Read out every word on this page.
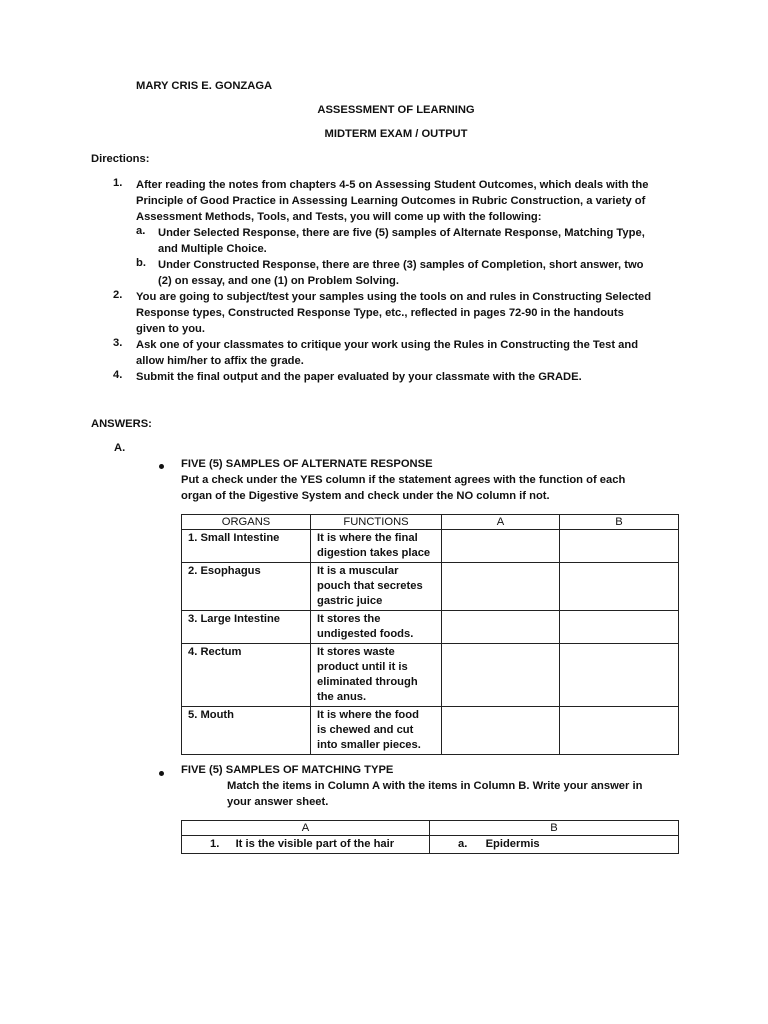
MARY CRIS E. GONZAGA
ASSESSMENT OF LEARNING
MIDTERM EXAM / OUTPUT
Directions:
1. After reading the notes from chapters 4-5 on Assessing Student Outcomes, which deals with the
Principle of Good Practice in Assessing Learning Outcomes in Rubric Construction, a variety of
Assessment Methods, Tools, and Tests, you will come up with the following:
a. Under Selected Response, there are five (5) samples of Alternate Response, Matching Type,
and Multiple Choice.
b. Under Constructed Response, there are three (3) samples of Completion, short answer, two
(2) on essay, and one (1) on Problem Solving.
2. You are going to subject/test your samples using the tools on and rules in Constructing Selected
Response types, Constructed Response Type, etc., reflected in pages 72-90 in the handouts
given to you.
3. Ask one of your classmates to critique your work using the Rules in Constructing the Test and
allow him/her to affix the grade.
4. Submit the final output and the paper evaluated by your classmate with the GRADE.
ANSWERS:
A.
FIVE (5) SAMPLES OF ALTERNATE RESPONSE
Put a check under the YES column if the statement agrees with the function of each
organ of the Digestive System and check under the NO column if not.
ORGANS	FUNCTIONS	A	B
1. Small Intestine	It is where the final
digestion takes place		

2. Esophagus	It is a muscular
pouch that secretes
gastric juice		

3. Large Intestine	It stores the
undigested foods.		

4. Rectum	It stores waste
product until it is
eliminated through
the anus.		

5. Mouth	It is where the food
is chewed and cut
into smaller pieces.		

FIVE (5) SAMPLES OF MATCHING TYPE
Match the items in Column A with the items in Column B. Write your answer in
your answer sheet.
A	B
1. It is the visible part of the hair	a. Epidermis
